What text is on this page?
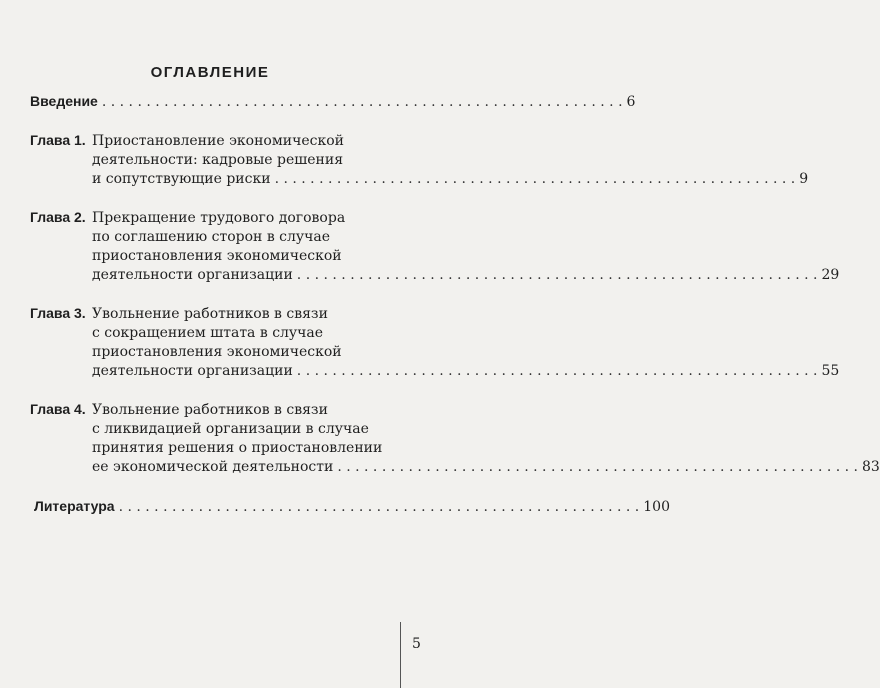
ОГЛАВЛЕНИЕ
Введение . . .	6
Глава 1. Приостановление экономической
деятельности: кадровые решения
и сопутствующие риски . . .	9
Глава 2. Прекращение трудового договора
по соглашению сторон в случае
приостановления экономической
деятельности организации . . .	29
Глава 3. Увольнение работников в связи
с сокращением штата в случае
приостановления экономической
деятельности организации . . .	55
Глава 4. Увольнение работников в связи
с ликвидацией организации в случае
принятия решения о приостановлении
ее экономической деятельности . . .	83
Литература . . .	100
5
